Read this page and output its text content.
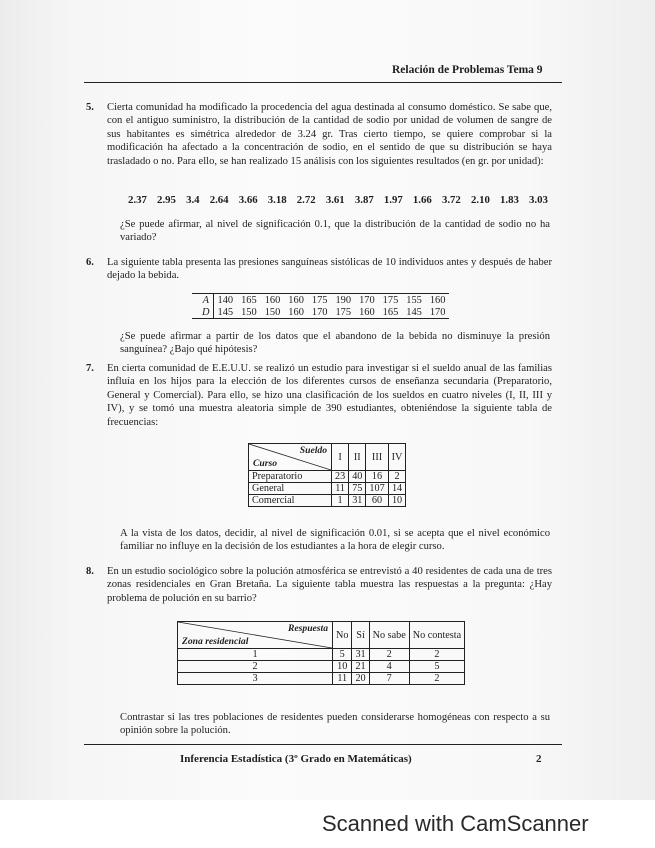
Relación de Problemas Tema 9
5. Cierta comunidad ha modificado la procedencia del agua destinada al consumo doméstico. Se sabe que, con el antiguo suministro, la distribución de la cantidad de sodio por unidad de volumen de sangre de sus habitantes es simétrica alrededor de 3.24 gr. Tras cierto tiempo, se quiere comprobar si la modificación ha afectado a la concentración de sodio, en el sentido de que su distribución se haya trasladado o no. Para ello, se han realizado 15 análisis con los siguientes resultados (en gr. por unidad):
2.37 2.95 3.4 2.64 3.66 3.18 2.72 3.61 3.87 1.97 1.66 3.72 2.10 1.83 3.03
¿Se puede afirmar, al nivel de significación 0.1, que la distribución de la cantidad de sodio no ha variado?
6. La siguiente tabla presenta las presiones sanguíneas sistólicas de 10 individuos antes y después de haber dejado la bebida.
A	140	165	160	160	175	190	170	175	155	160
D	145	150	150	160	170	175	160	165	145	170
¿Se puede afirmar a partir de los datos que el abandono de la bebida no disminuye la presión sanguínea? ¿Bajo qué hipótesis?
7. En cierta comunidad de E.E.U.U. se realizó un estudio para investigar si el sueldo anual de las familias influía en los hijos para la elección de los diferentes cursos de enseñanza secundaria (Preparatorio, General y Comercial). Para ello, se hizo una clasificación de los sueldos en cuatro niveles (I, II, III y IV), y se tomó una muestra aleatoria simple de 390 estudiantes, obteniéndose la siguiente tabla de frecuencias:
Sueldo
Curso	I	II	III	IV
Preparatorio	23	40	16	2
General	11	75	107	14
Comercial	1	31	60	10
A la vista de los datos, decidir, al nivel de significación 0.01, si se acepta que el nivel económico familiar no influye en la decisión de los estudiantes a la hora de elegir curso.
8. En un estudio sociológico sobre la polución atmosférica se entrevistó a 40 residentes de cada una de tres zonas residenciales en Gran Bretaña. La siguiente tabla muestra las respuestas a la pregunta: ¿Hay problema de polución en su barrio?
Respuesta
Zona residencial	No	Sí	No sabe	No contesta
1	5	31	2	2
2	10	21	4	5
3	11	20	7	2
Contrastar si las tres poblaciones de residentes pueden considerarse homogéneas con respecto a su opinión sobre la polución.
Inferencia Estadística (3º Grado en Matemáticas)	2
Scanned with CamScanner
